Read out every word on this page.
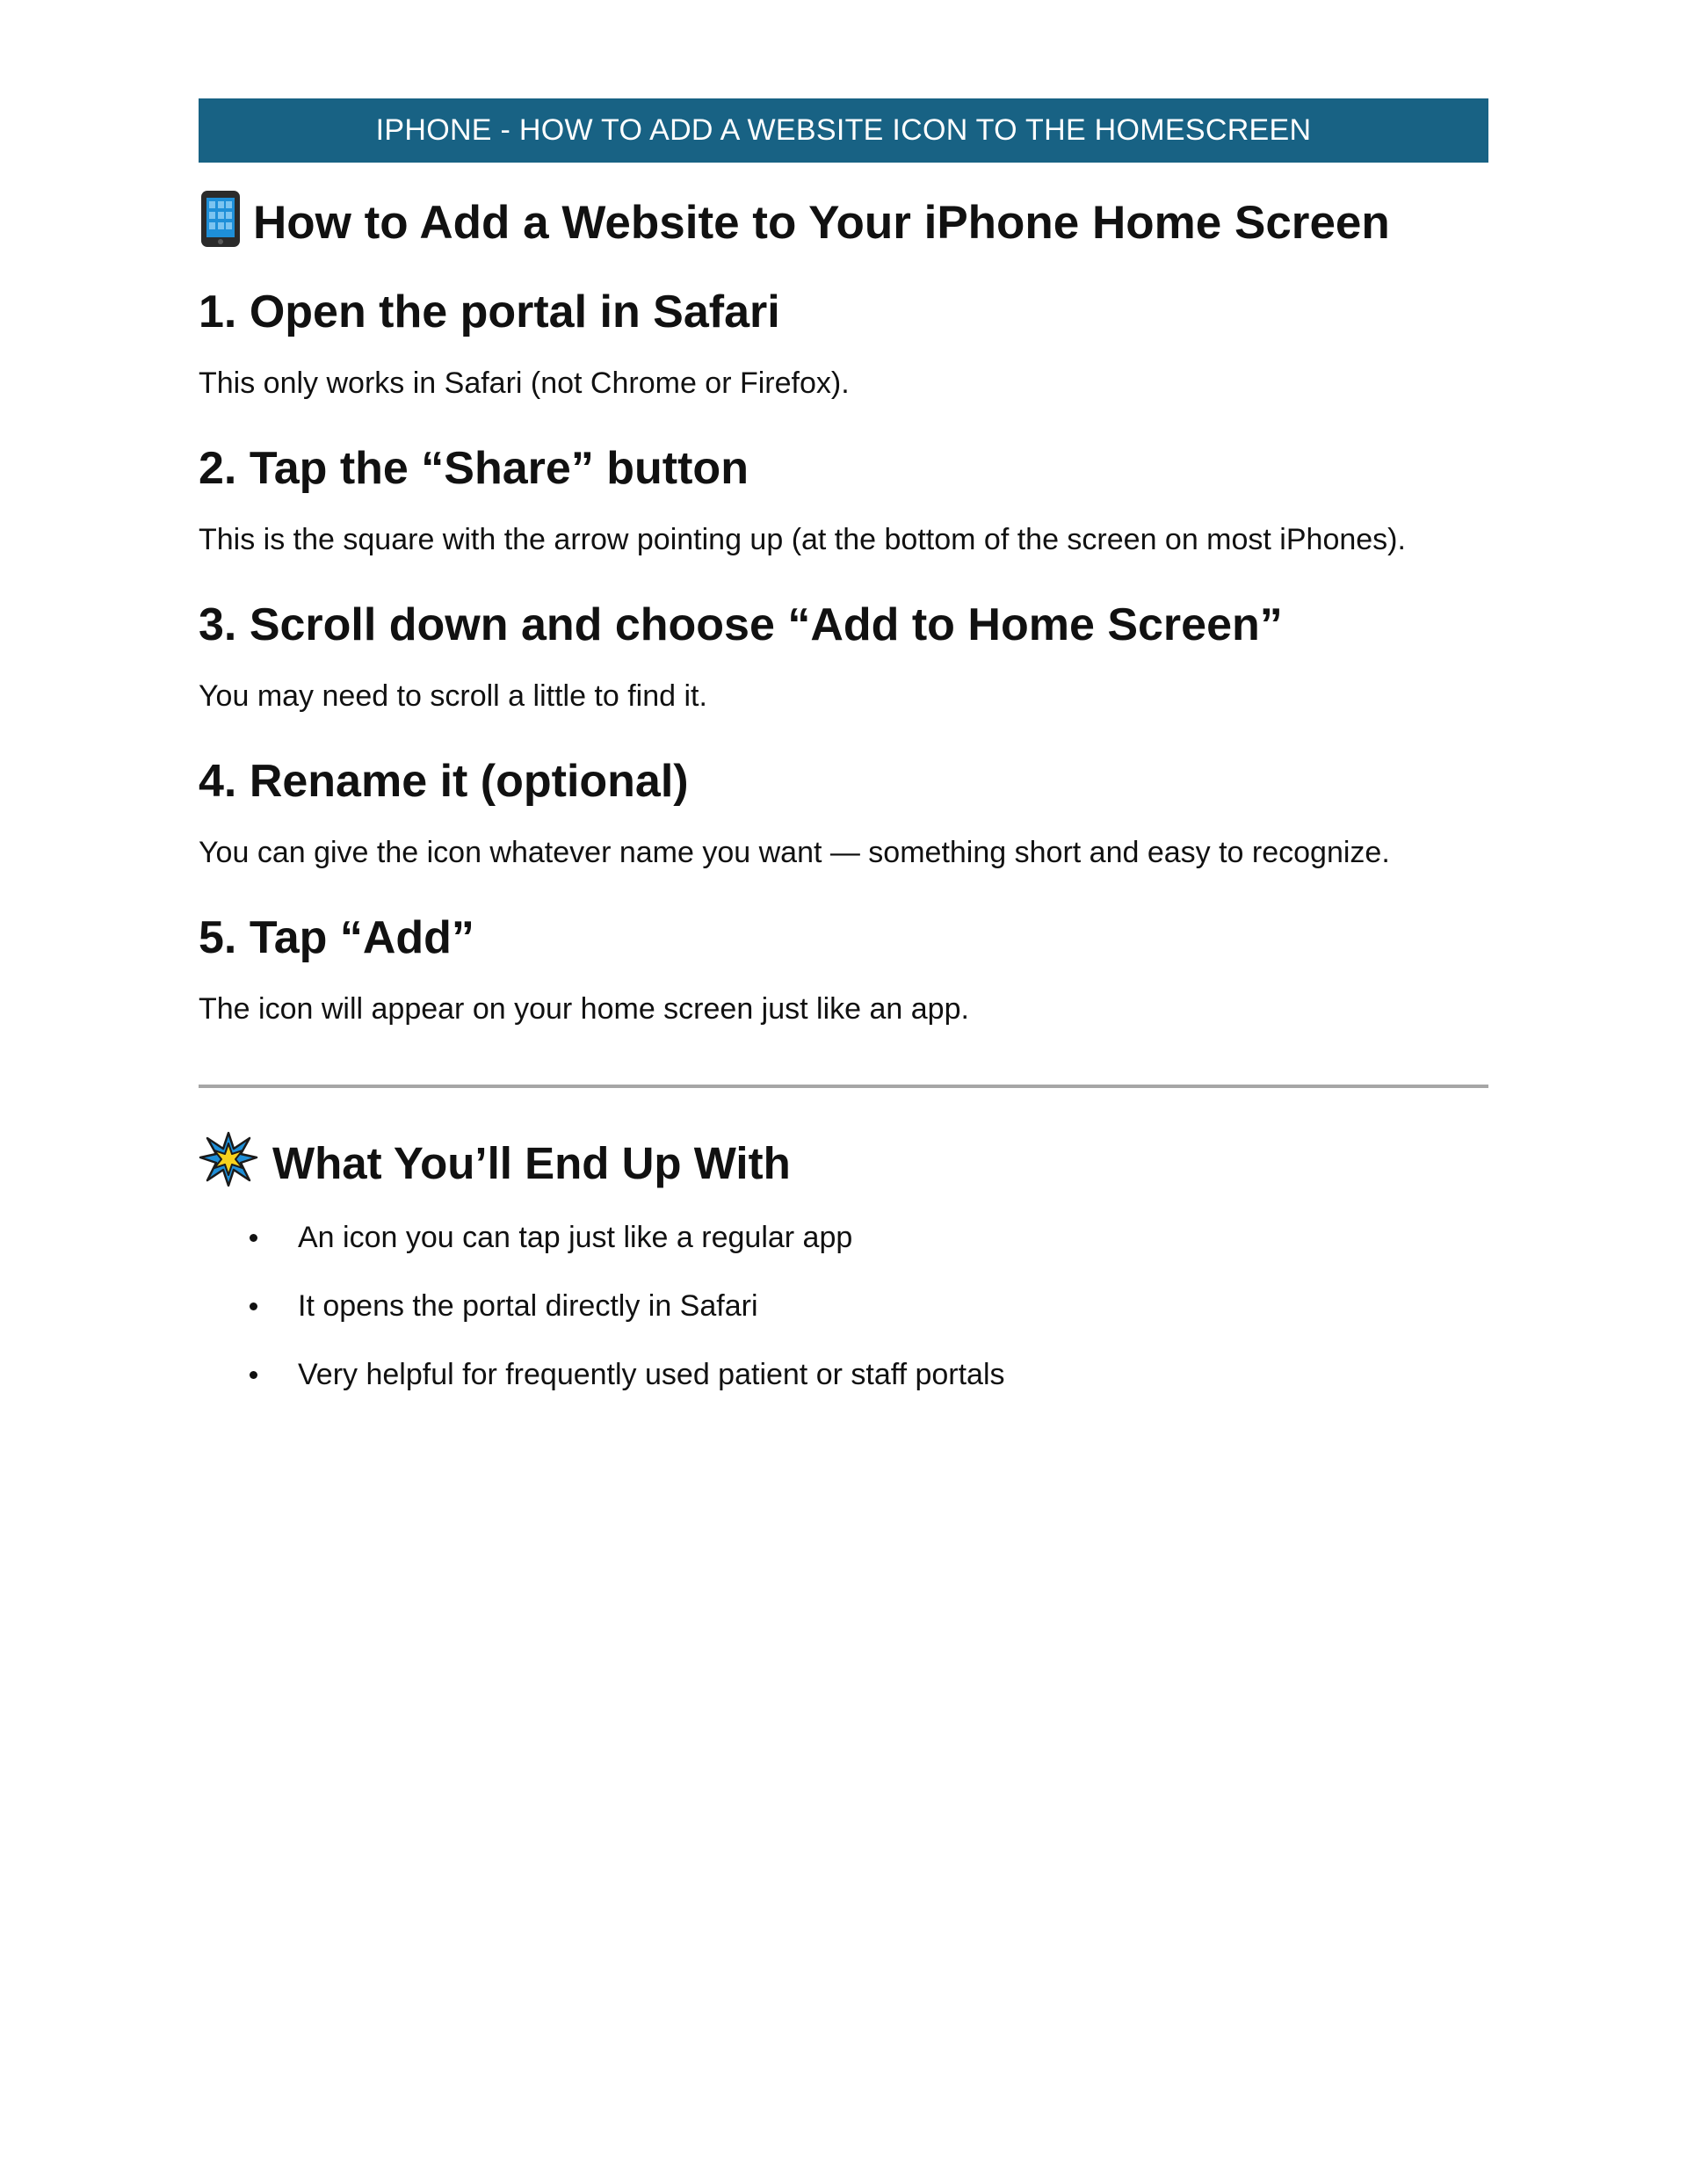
IPHONE - HOW TO ADD A WEBSITE ICON TO THE HOMESCREEN
How to Add a Website to Your iPhone Home Screen
1. Open the portal in Safari

This only works in Safari (not Chrome or Firefox).

2. Tap the “Share” button

This is the square with the arrow pointing up (at the bottom of the screen on most iPhones).

3. Scroll down and choose “Add to Home Screen”

You may need to scroll a little to find it.

4. Rename it (optional)

You can give the icon whatever name you want — something short and easy to recognize.

5. Tap “Add”

The icon will appear on your home screen just like an app.

What You’ll End Up With
An icon you can tap just like a regular app
It opens the portal directly in Safari
Very helpful for frequently used patient or staff portals
